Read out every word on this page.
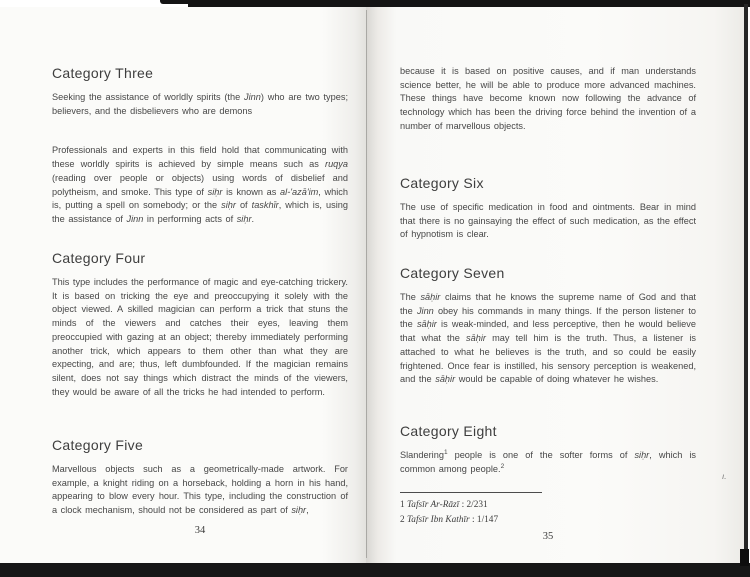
Category Five

Marvellous objects such as a geometrically-made artwork. For example, a knight riding on a horseback, holding a horn in his hand, appearing to blow every hour. This type, including the construction of a clock mechanism, should not be considered as part of siḥr,

Category Four

This type includes the performance of magic and eye-catching trickery. It is based on tricking the eye and preoccupying it solely with the object viewed. A skilled magician can perform a trick that stuns the minds of the viewers and catches their eyes, leaving them preoccupied with gazing at an object; thereby immediately performing another trick, which appears to them other than what they are expecting, and are; thus, left dumbfounded. If the magician remains silent, does not say things which distract the minds of the viewers, they would be aware of all the tricks he had intended to perform.

Category Three

Seeking the assistance of worldly spirits (the Jinn) who are two types; believers, and the disbelievers who are demons

Professionals and experts in this field hold that communicating with these worldly spirits is achieved by simple means such as ruqya (reading over people or objects) using words of disbelief and polytheism, and smoke. This type of siḥr is known as al-'azā'im, which is, putting a spell on somebody; or the siḥr of taskhīr, which is, using the assistance of Jinn in performing acts of siḥr.

34
Category Eight

Slandering$^1$ people is one of the softer forms of siḥr, which is common among people.$^2$

Category Seven

The sāḥir claims that he knows the supreme name of God and that the Jinn obey his commands in many things. If the person listener to the sāḥir is weak-minded, and less perceptive, then he would believe that what the sāḥir may tell him is the truth. Thus, a listener is attached to what he believes is the truth, and so could be easily frightened. Once fear is instilled, his sensory perception is weakened, and the sāḥir would be capable of doing whatever he wishes.

Category Six

The use of specific medication in food and ointments. Bear in mind that there is no gainsaying the effect of such medication, as the effect of hypnotism is clear.

because it is based on positive causes, and if man understands science better, he will be able to produce more advanced machines. These things have become known now following the advance of technology which has been the driving force behind the invention of a number of marvellous objects.

ı.
1 Tafsīr Ar-Rāzī : 2/231
2 Tafsīr Ibn Kathīr : 1/147
35
